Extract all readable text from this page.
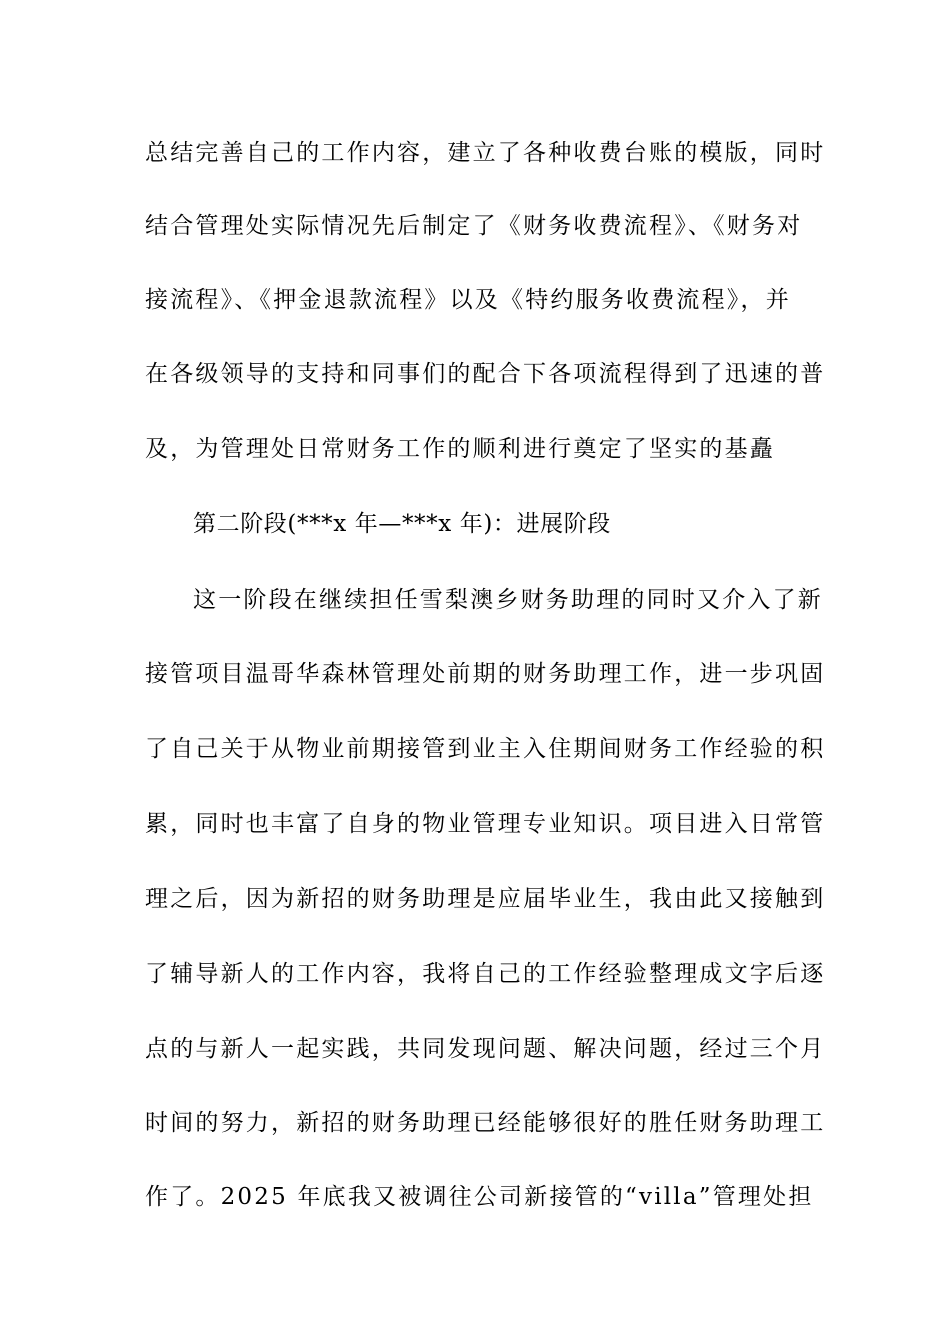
总结完善自己的工作内容，建立了各种收费台账的模版，同时
结合管理处实际情况先后制定了《财务收费流程》、《财务对
接流程》、《押金退款流程》以及《特约服务收费流程》，并
在各级领导的支持和同事们的配合下各项流程得到了迅速的普
及，为管理处日常财务工作的顺利进行奠定了坚实的基矗
第二阶段(***x 年—***x 年)：进展阶段
这一阶段在继续担任雪梨澳乡财务助理的同时又介入了新
接管项目温哥华森林管理处前期的财务助理工作，进一步巩固
了自己关于从物业前期接管到业主入住期间财务工作经验的积
累，同时也丰富了自身的物业管理专业知识。项目进入日常管
理之后，因为新招的财务助理是应届毕业生，我由此又接触到
了辅导新人的工作内容，我将自己的工作经验整理成文字后逐
点的与新人一起实践，共同发现问题、解决问题，经过三个月
时间的努力，新招的财务助理已经能够很好的胜任财务助理工
作了。2025 年底我又被调往公司新接管的“villa”管理处担
